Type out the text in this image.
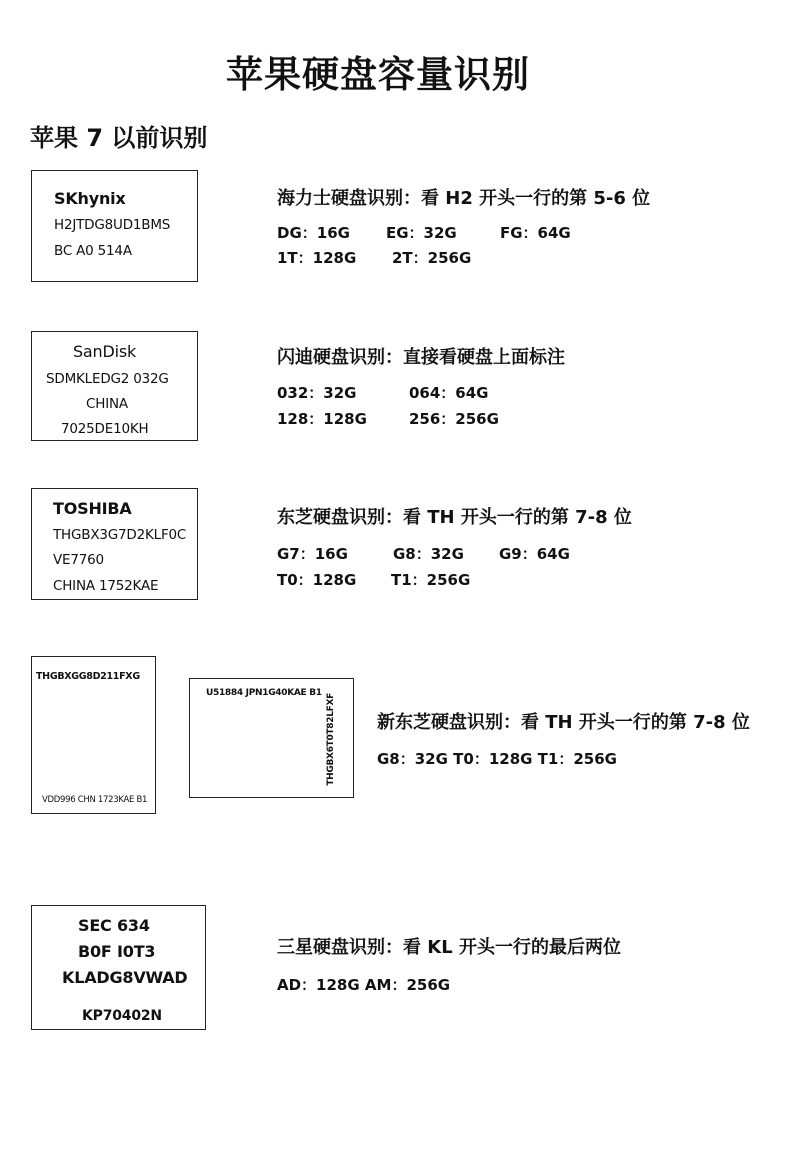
苹果硬盘容量识别
苹果 7 以前识别
SKhynix
H2JTDG8UD1BMS
BC A0 514A
海力士硬盘识别：看 H2 开头一行的第 5-6 位
DG：16G EG：32G	FG：64G
1T：128G 2T：256G
SanDisk
SDMKLEDG2 032G
CHINA
7025DE10KH
闪迪硬盘识别：直接看硬盘上面标注
032：32G	064：64G
128：128G	256：256G
TOSHIBA
THGBX3G7D2KLF0C
VE7760
CHINA 1752KAE
东芝硬盘识别：看 TH 开头一行的第 7-8 位
G7：16G	G8：32G G9：64G
T0：128G T1：256G
THGBXGG8D211FXG
VDD996 CHN 1723KAE B1
U51884 JPN1G40KAE B1 THGBX6T0T82LFXF 新东芝硬盘识别：看 TH 开头一行的第 7-8 位
G8：32G T0：128G T1：256G
SEC 634
B0F I0T3
KLADG8VWAD
KP70402N
三星硬盘识别：看 KL 开头一行的最后两位
AD：128G AM：256G
